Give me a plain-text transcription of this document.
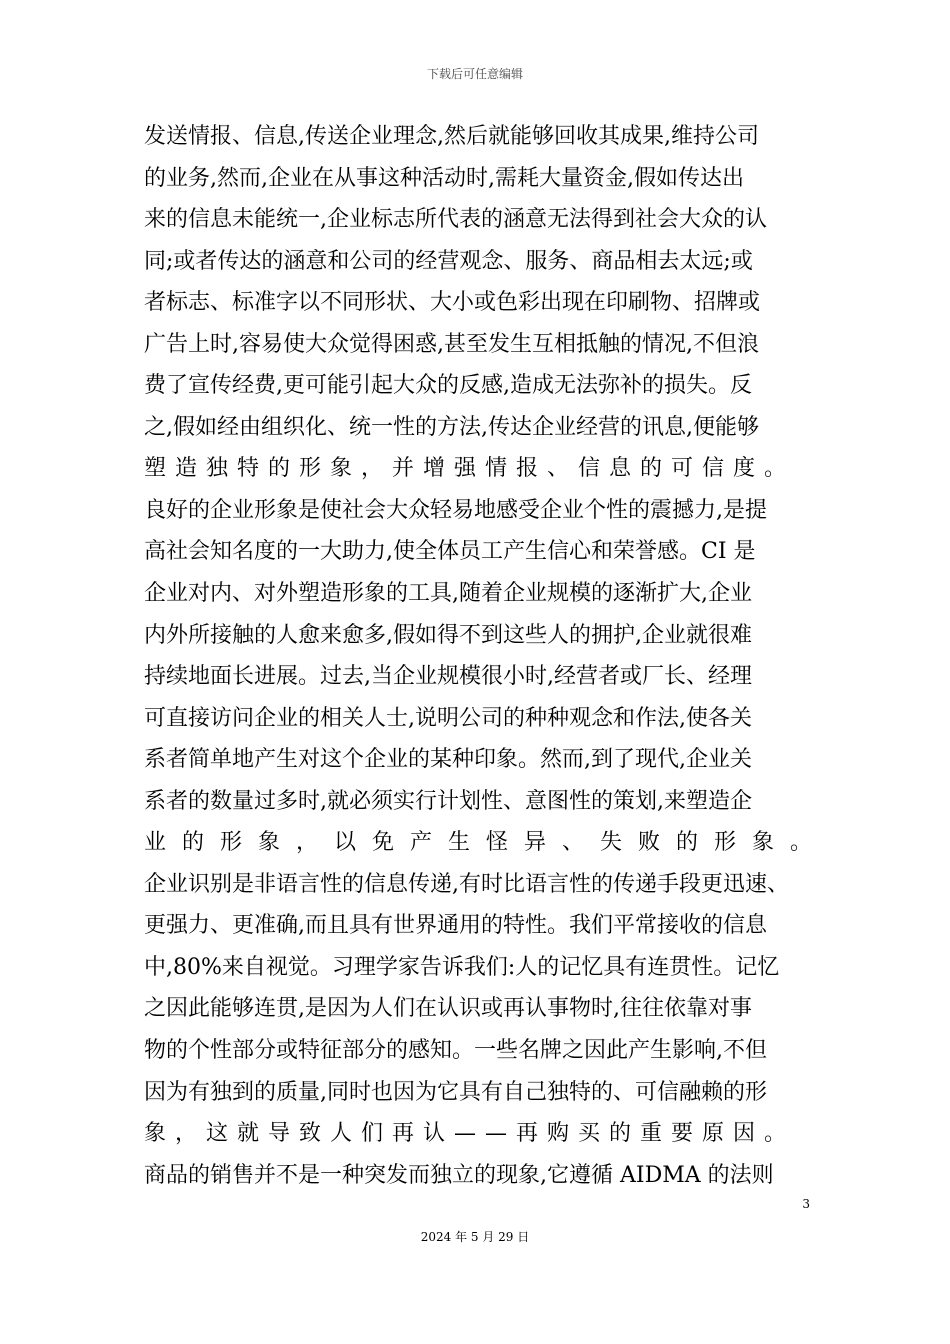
下载后可任意编辑
发送情报、信息,传送企业理念,然后就能够回收其成果,维持公司
的业务,然而,企业在从事这种活动时,需耗大量资金,假如传达出
来的信息未能统一,企业标志所代表的涵意无法得到社会大众的认
同;或者传达的涵意和公司的经营观念、服务、商品相去太远;或
者标志、标准字以不同形状、大小或色彩出现在印刷物、招牌或
广告上时,容易使大众觉得困惑,甚至发生互相抵触的情况,不但浪
费了宣传经费,更可能引起大众的反感,造成无法弥补的损失。反
之,假如经由组织化、统一性的方法,传达企业经营的讯息,便能够
塑造独特的形象，并增强情报、信息的可信度。
良好的企业形象是使社会大众轻易地感受企业个性的震撼力,是提
高社会知名度的一大助力,使全体员工产生信心和荣誉感。CI 是
企业对内、对外塑造形象的工具,随着企业规模的逐渐扩大,企业
内外所接触的人愈来愈多,假如得不到这些人的拥护,企业就很难
持续地面长进展。过去,当企业规模很小时,经营者或厂长、经理
可直接访问企业的相关人士,说明公司的种种观念和作法,使各关
系者简单地产生对这个企业的某种印象。然而,到了现代,企业关
系者的数量过多时,就必须实行计划性、意图性的策划,来塑造企
业的形象，以免产生怪异、失败的形象。
企业识别是非语言性的信息传递,有时比语言性的传递手段更迅速、
更强力、更准确,而且具有世界通用的特性。我们平常接收的信息
中,80%来自视觉。习理学家告诉我们:人的记忆具有连贯性。记忆
之因此能够连贯,是因为人们在认识或再认事物时,往往依靠对事
物的个性部分或特征部分的感知。一些名牌之因此产生影响,不但
因为有独到的质量,同时也因为它具有自己独特的、可信融赖的形
象，这就导致人们再认——再购买的重要原因。
商品的销售并不是一种突发而独立的现象,它遵循 AIDMA 的法则
3
2024 年 5 月 29 日
